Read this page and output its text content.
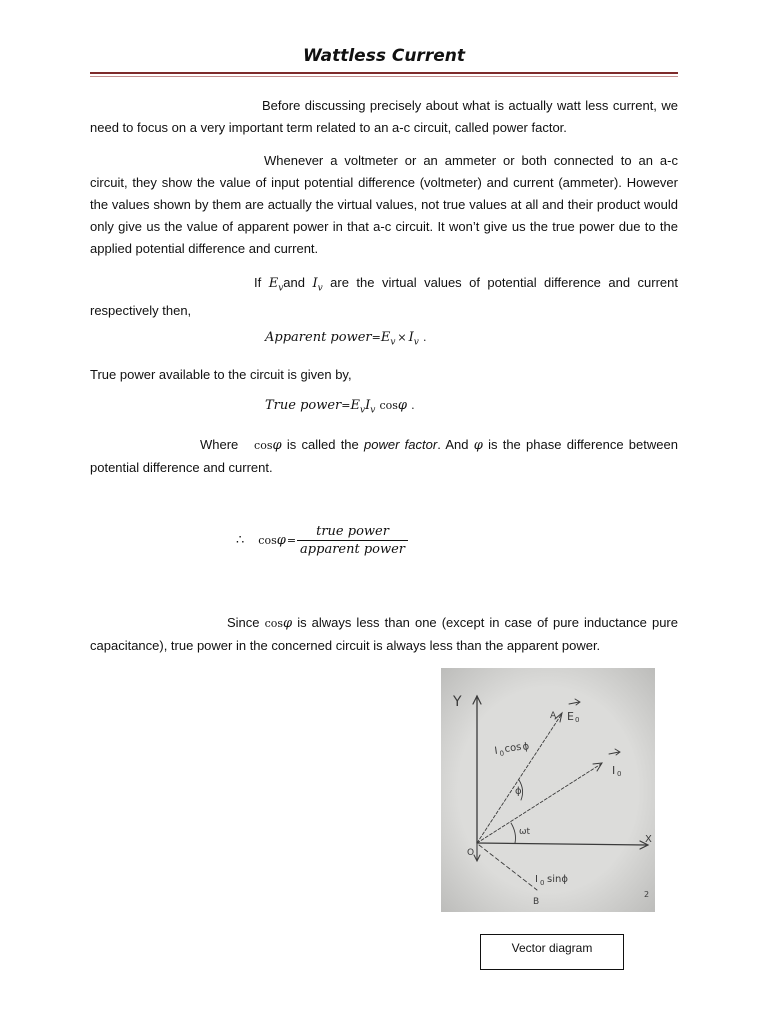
Wattless Current
Before discussing precisely about what is actually watt less current, we need to focus on a very important term related to an a-c circuit, called power factor.
Whenever a voltmeter or an ammeter or both connected to an a-c circuit, they show the value of input potential difference (voltmeter) and current (ammeter). However the values shown by them are actually the virtual values, not true values at all and their product would only give us the value of apparent power in that a-c circuit. It won’t give us the true power due to the applied potential difference and current.
If $E_vand$ $I_v$ are the virtual values of potential difference and current respectively then,
Apparent $power=E_v \times I_v$ .
True power available to the circuit is given by,
True $power=E_vI_v$ cosφ .
Where cosφ is called the power factor. And φ is the phase difference between potential difference and current.
∴ $\cos\varphi= \frac{\text{true power}}{\text{apparent power}}$
Since cosφ is always less than one (except in case of pure inductance pure capacitance), true power in the concerned circuit is always less than the apparent power.
Y
X
O
A E 0
I 0
I 0 cos ϕ
ϕ
ωt
I 0 sinϕ
B
2
Vector diagram
